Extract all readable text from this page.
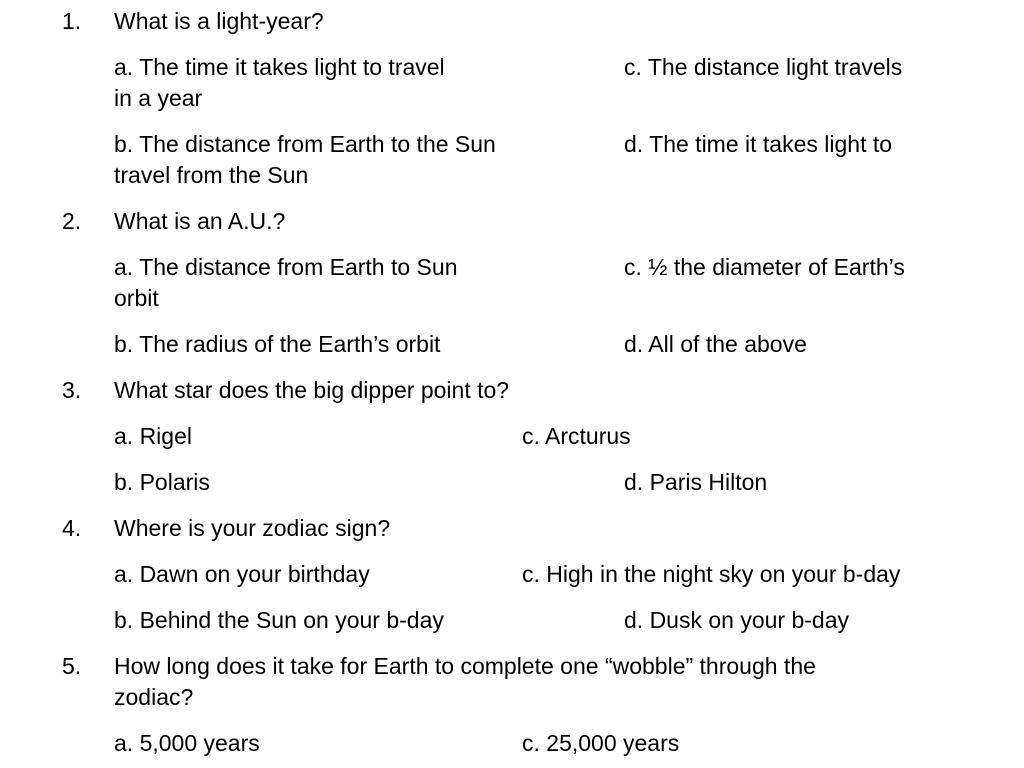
1. What is a light-year?
a. The time it takes light to travel	c. The distance light travels
in a year
b. The distance from Earth to the Sun	d. The time it takes light to
travel from the Sun
2. What is an A.U.?
a. The distance from Earth to Sun	c. ½ the diameter of Earth’s
orbit
b. The radius of the Earth’s orbit	d. All of the above
3. What star does the big dipper point to?
a. Rigel	c. Arcturus
b. Polaris	d. Paris Hilton
4. Where is your zodiac sign?
a. Dawn on your birthday	c. High in the night sky on your b-day
b. Behind the Sun on your b-day	d. Dusk on your b-day
5. How long does it take for Earth to complete one “wobble” through the
zodiac?
a. 5,000 years	c. 25,000 years
